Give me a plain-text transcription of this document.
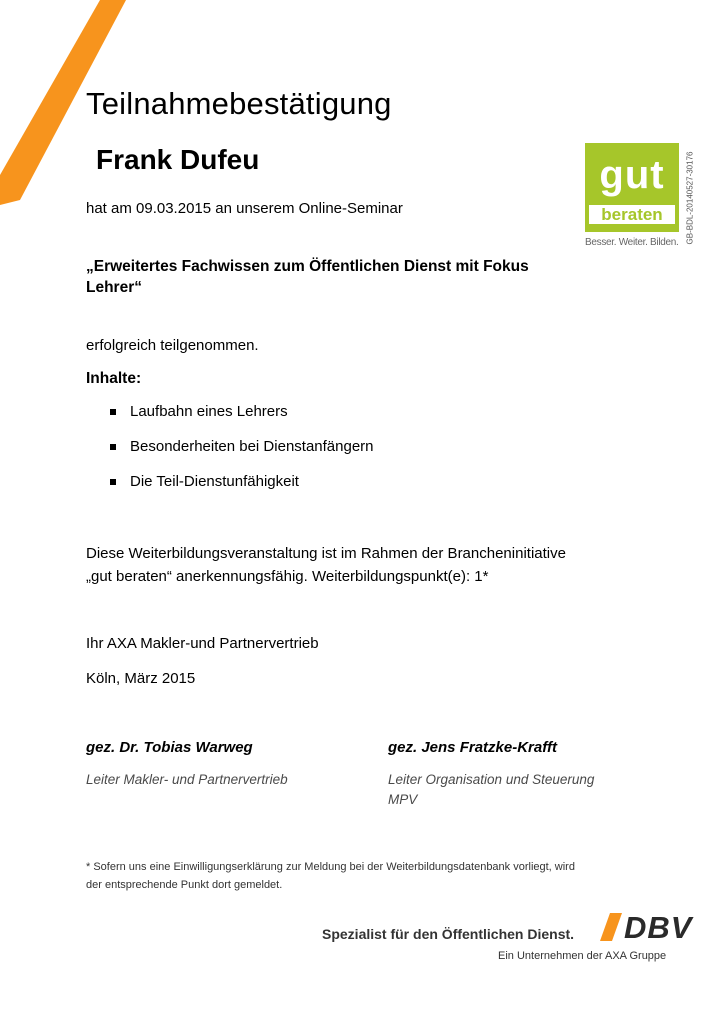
Teilnahmebestätigung
Frank Dufeu
hat am 09.03.2015 an unserem Online-Seminar
„Erweitertes Fachwissen zum Öffentlichen Dienst mit Fokus
Lehrer“
erfolgreich teilgenommen.
Inhalte:
Laufbahn eines Lehrers
Besonderheiten bei Dienstanfängern
Die Teil-Dienstunfähigkeit
Diese Weiterbildungsveranstaltung ist im Rahmen der Brancheninitiative
„gut beraten“ anerkennungsfähig. Weiterbildungspunkt(e): 1*
Ihr AXA Makler-und Partnervertrieb
Köln, März 2015
gez. Dr. Tobias Warweg
Leiter Makler- und Partnervertrieb
gez. Jens Fratzke-Krafft
Leiter Organisation und Steuerung
MPV
* Sofern uns eine Einwilligungserklärung zur Meldung bei der Weiterbildungsdatenbank vorliegt, wird
der entsprechende Punkt dort gemeldet.
gut
beraten
Besser. Weiter. Bilden. GB-BDL-20140527-30176
Spezialist für den Öffentlichen Dienst. DBV
Ein Unternehmen der AXA Gruppe
